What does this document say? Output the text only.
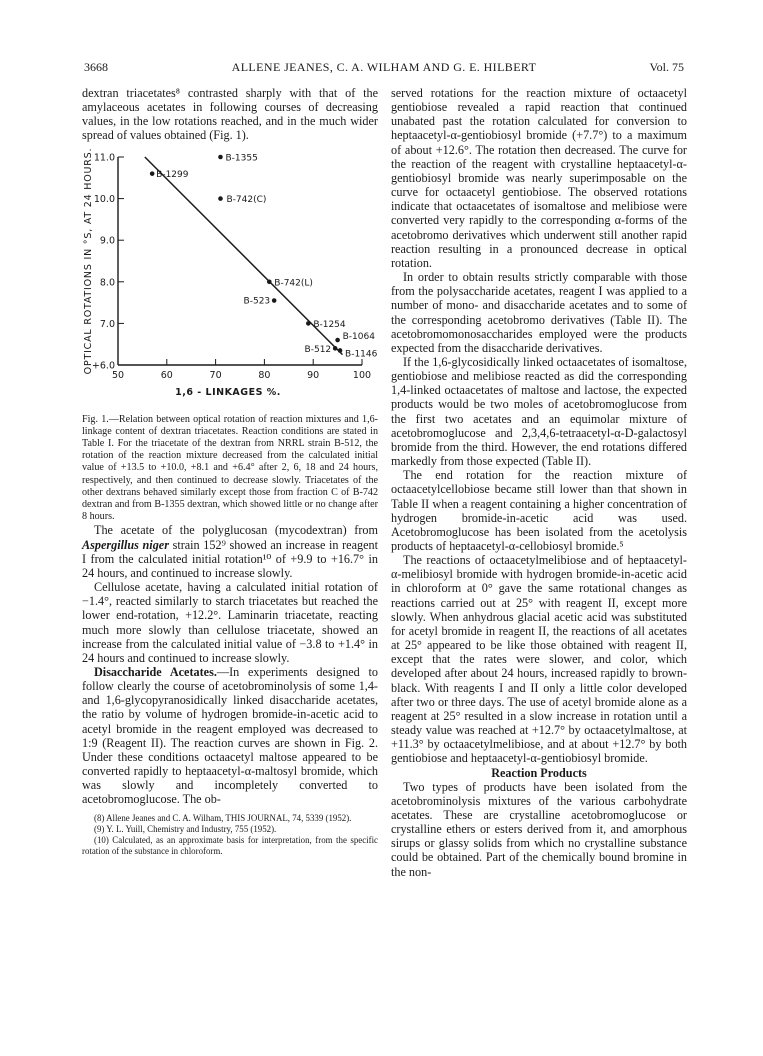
3668	ALLENE JEANES, C. A. WILHAM AND G. E. HILBERT	Vol. 75

dextran triacetates⁸ contrasted sharply with that of the amylaceous acetates in following courses of decreasing values, in the low rotations reached, and in the much wider spread of values obtained (Fig. 1).

+6.0
7.0
8.0
9.0
10.0
11.0
50	60	70	80	90	100
1,6 - LINKAGES %.
OPTICAL ROTATIONS IN °S, AT 24 HOURS.	B-1355
B-1299
B-742(C)
B-742(L)
B-523
B-1254
B-1064
B-512 B-1146

Fig. 1.—Relation between optical rotation of reaction mixtures and 1,6-linkage content of dextran triacetates. Reaction conditions are stated in Table I. For the triacetate of the dextran from NRRL strain B-512, the rotation of the reaction mixture decreased from the calculated initial value of +13.5 to +10.0, +8.1 and +6.4° after 2, 6, 18 and 24 hours, respectively, and then continued to decrease slowly. Triacetates of the other dextrans behaved similarly except those from fraction C of B-742 dextran and from B-1355 dextran, which showed little or no change after 8 hours.

The acetate of the polyglucosan (mycodextran) from Aspergillus niger strain 152⁹ showed an increase in reagent I from the calculated initial rotation¹⁰ of +9.9 to +16.7° in 24 hours, and continued to increase slowly.

Cellulose acetate, having a calculated initial rotation of −1.4°, reacted similarly to starch triacetates but reached the lower end-rotation, +12.2°. Laminarin triacetate, reacting much more slowly than cellulose triacetate, showed an increase from the calculated initial value of −3.8 to +1.4° in 24 hours and continued to increase slowly.

Disaccharide Acetates.—In experiments designed to follow clearly the course of acetobrominolysis of some 1,4- and 1,6-glycopyranosidically linked disaccharide acetates, the ratio by volume of hydrogen bromide-in-acetic acid to acetyl bromide in the reagent employed was decreased to 1:9 (Reagent II). The reaction curves are shown in Fig. 2. Under these conditions octaacetyl maltose appeared to be converted rapidly to heptaacetyl-α-maltosyl bromide, which was slowly and incompletely converted to acetobromoglucose. The ob-

(8) Allene Jeanes and C. A. Wilham, THIS JOURNAL, 74, 5339 (1952).

(9) Y. L. Yuill, Chemistry and Industry, 755 (1952).

(10) Calculated, as an approximate basis for interpretation, from the specific rotation of the substance in chloroform.

served rotations for the reaction mixture of octaacetyl gentiobiose revealed a rapid reaction that continued unabated past the rotation calculated for conversion to heptaacetyl-α-gentiobiosyl bromide (+7.7°) to a maximum of about +12.6°. The rotation then decreased. The curve for the reaction of the reagent with crystalline heptaacetyl-α-gentiobiosyl bromide was nearly superimposable on the curve for octaacetyl gentiobiose. The observed rotations indicate that octaacetates of isomaltose and melibiose were converted very rapidly to the corresponding α-forms of the acetobromo derivatives which underwent still another rapid reaction resulting in a pronounced decrease in optical rotation.

In order to obtain results strictly comparable with those from the polysaccharide acetates, reagent I was applied to a number of mono- and disaccharide acetates and to some of the corresponding acetobromo derivatives (Table II). The acetobromomonosaccharides employed were the products expected from the disaccharide derivatives.

If the 1,6-glycosidically linked octaacetates of isomaltose, gentiobiose and melibiose reacted as did the corresponding 1,4-linked octaacetates of maltose and lactose, the expected products would be two moles of acetobromoglucose from the first two acetates and an equimolar mixture of acetobromoglucose and 2,3,4,6-tetraacetyl-α-D-galactosyl bromide from the third. However, the end rotations differed markedly from those expected (Table II).

The end rotation for the reaction mixture of octaacetylcellobiose became still lower than that shown in Table II when a reagent containing a higher concentration of hydrogen bromide-in-acetic acid was used. Acetobromoglucose has been isolated from the acetolysis products of heptaacetyl-α-cellobiosyl bromide.⁵

The reactions of octaacetylmelibiose and of heptaacetyl-α-melibiosyl bromide with hydrogen bromide-in-acetic acid in chloroform at 0° gave the same rotational changes as reactions carried out at 25° with reagent II, except more slowly. When anhydrous glacial acetic acid was substituted for acetyl bromide in reagent II, the reactions of all acetates at 25° appeared to be like those obtained with reagent II, except that the rates were slower, and color, which developed after about 24 hours, increased rapidly to brown-black. With reagents I and II only a little color developed after two or three days. The use of acetyl bromide alone as a reagent at 25° resulted in a slow increase in rotation until a steady value was reached at +12.7° by octaacetylmaltose, at +11.3° by octaacetylmelibiose, and at about +12.7° by both gentiobiose and heptaacetyl-α-gentiobiosyl bromide.

Reaction Products

Two types of products have been isolated from the acetobrominolysis mixtures of the various carbohydrate acetates. These are crystalline acetobromoglucose or crystalline ethers or esters derived from it, and amorphous sirups or glassy solids from which no crystalline substance could be obtained. Part of the chemically bound bromine in the non-
